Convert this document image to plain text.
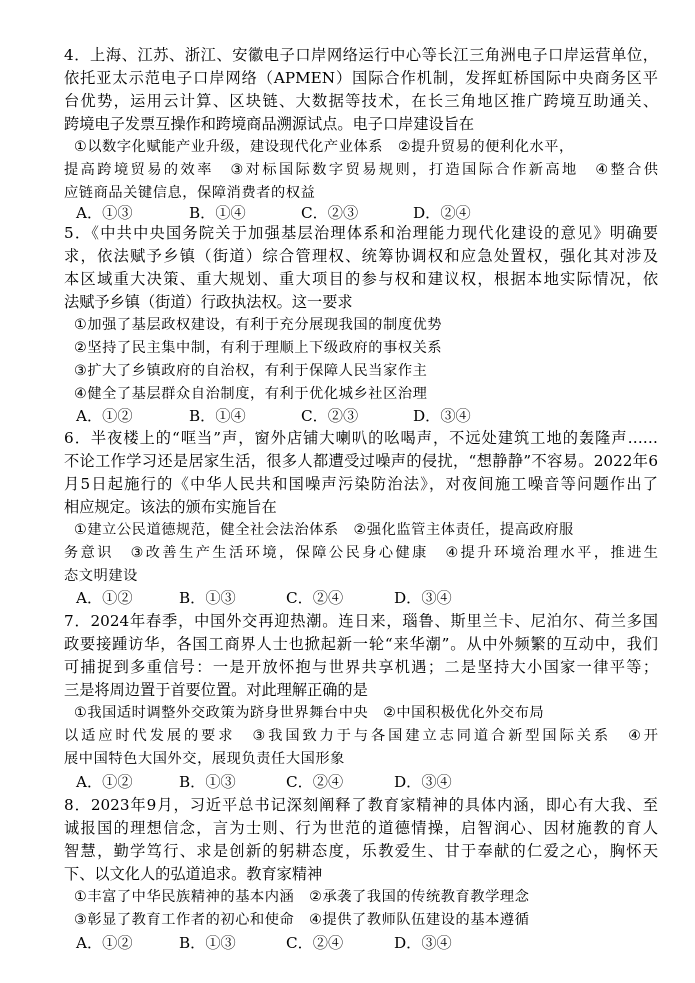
4．上海、江苏、浙江、安徽电子口岸网络运行中心等长江三角洲电子口岸运营单位，
依托亚太示范电子口岸网络（APMEN）国际合作机制，发挥虹桥国际中央商务区平
台优势，运用云计算、区块链、大数据等技术，在长三角地区推广跨境互助通关、
跨境电子发票互操作和跨境商品溯源试点。电子口岸建设旨在
①以数字化赋能产业升级，建设现代化产业体系　②提升贸易的便利化水平，
提高跨境贸易的效率　③对标国际数字贸易规则，打造国际合作新高地　④整合供
应链商品关键信息，保障消费者的权益
A．①③	B．①④	C．②③	D．②④
5．《中共中央国务院关于加强基层治理体系和治理能力现代化建设的意见》明确要
求，依法赋予乡镇（街道）综合管理权、统筹协调权和应急处置权，强化其对涉及
本区域重大决策、重大规划、重大项目的参与权和建议权，根据本地实际情况，依
法赋予乡镇（街道）行政执法权。这一要求
①加强了基层政权建设，有利于充分展现我国的制度优势
②坚持了民主集中制，有利于理顺上下级政府的事权关系
③扩大了乡镇政府的自治权，有利于保障人民当家作主
④健全了基层群众自治制度，有利于优化城乡社区治理
A．①②	B．①④	C．②③	D．③④
6．半夜楼上的“哐当”声，窗外店铺大喇叭的吆喝声，不远处建筑工地的轰隆声……
不论工作学习还是居家生活，很多人都遭受过噪声的侵扰，“想静静”不容易。2022年6
月5日起施行的《中华人民共和国噪声污染防治法》，对夜间施工噪音等问题作出了
相应规定。该法的颁布实施旨在
①建立公民道德规范，健全社会法治体系　②强化监管主体责任，提高政府服
务意识　③改善生产生活环境，保障公民身心健康　④提升环境治理水平，推进生
态文明建设
A．①②	B．①③	C．②④	D．③④
7．2024年春季，中国外交再迎热潮。连日来，瑙鲁、斯里兰卡、尼泊尔、荷兰多国
政要接踵访华，各国工商界人士也掀起新一轮“来华潮”。从中外频繁的互动中，我们
可捕捉到多重信号：一是开放怀抱与世界共享机遇；二是坚持大小国家一律平等；
三是将周边置于首要位置。对此理解正确的是
①我国适时调整外交政策为跻身世界舞台中央　②中国积极优化外交布局
以适应时代发展的要求　③我国致力于与各国建立志同道合新型国际关系　④开
展中国特色大国外交，展现负责任大国形象
A．①②	B．①③	C．②④	D．③④
8．2023年9月，习近平总书记深刻阐释了教育家精神的具体内涵，即心有大我、至
诚报国的理想信念，言为士则、行为世范的道德情操，启智润心、因材施教的育人
智慧，勤学笃行、求是创新的躬耕态度，乐教爱生、甘于奉献的仁爱之心，胸怀天
下、以文化人的弘道追求。教育家精神
①丰富了中华民族精神的基本内涵　②承袭了我国的传统教育教学理念
③彰显了教育工作者的初心和使命　④提供了教师队伍建设的基本遵循
A．①②	B．①③	C．②④	D．③④
